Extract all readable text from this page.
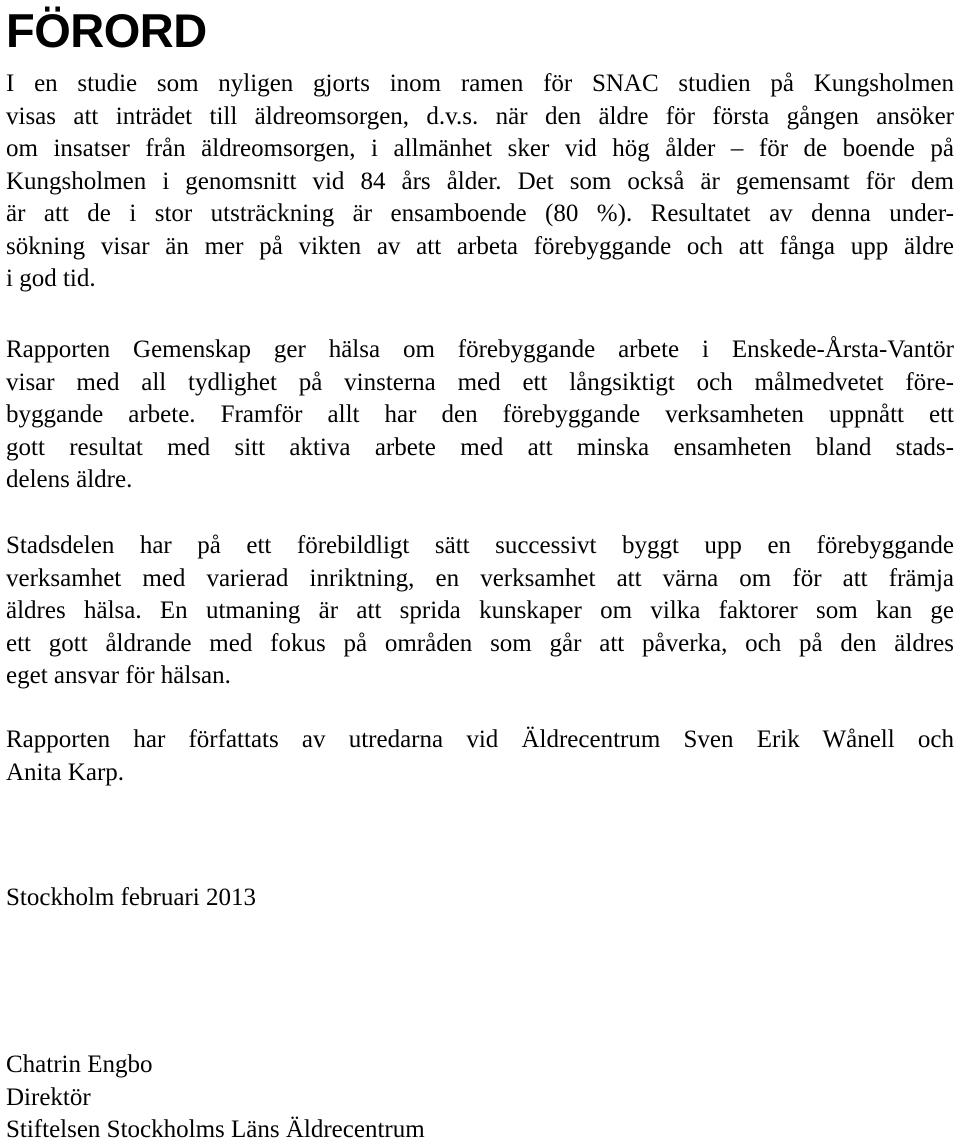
FÖRORD
I en studie som nyligen gjorts inom ramen för SNAC studien på Kungsholmen
visas att inträdet till äldreomsorgen, d.v.s. när den äldre för första gången ansöker
om insatser från äldreomsorgen, i allmänhet sker vid hög ålder – för de boende på
Kungsholmen i genomsnitt vid 84 års ålder. Det som också är gemensamt för dem
är att de i stor utsträckning är ensamboende (80 %). Resultatet av denna under-
sökning visar än mer på vikten av att arbeta förebyggande och att fånga upp äldre
i god tid.
Rapporten Gemenskap ger hälsa om förebyggande arbete i Enskede-Årsta-Vantör
visar med all tydlighet på vinsterna med ett långsiktigt och målmedvetet före-
byggande arbete. Framför allt har den förebyggande verksamheten uppnått ett
gott resultat med sitt aktiva arbete med att minska ensamheten bland stads-
delens äldre.
Stadsdelen har på ett förebildligt sätt successivt byggt upp en förebyggande
verksamhet med varierad inriktning, en verksamhet att värna om för att främja
äldres hälsa. En utmaning är att sprida kunskaper om vilka faktorer som kan ge
ett gott åldrande med fokus på områden som går att påverka, och på den äldres
eget ansvar för hälsan.
Rapporten har författats av utredarna vid Äldrecentrum Sven Erik Wånell och
Anita Karp.
Stockholm februari 2013
Chatrin Engbo
Direktör
Stiftelsen Stockholms Läns Äldrecentrum
